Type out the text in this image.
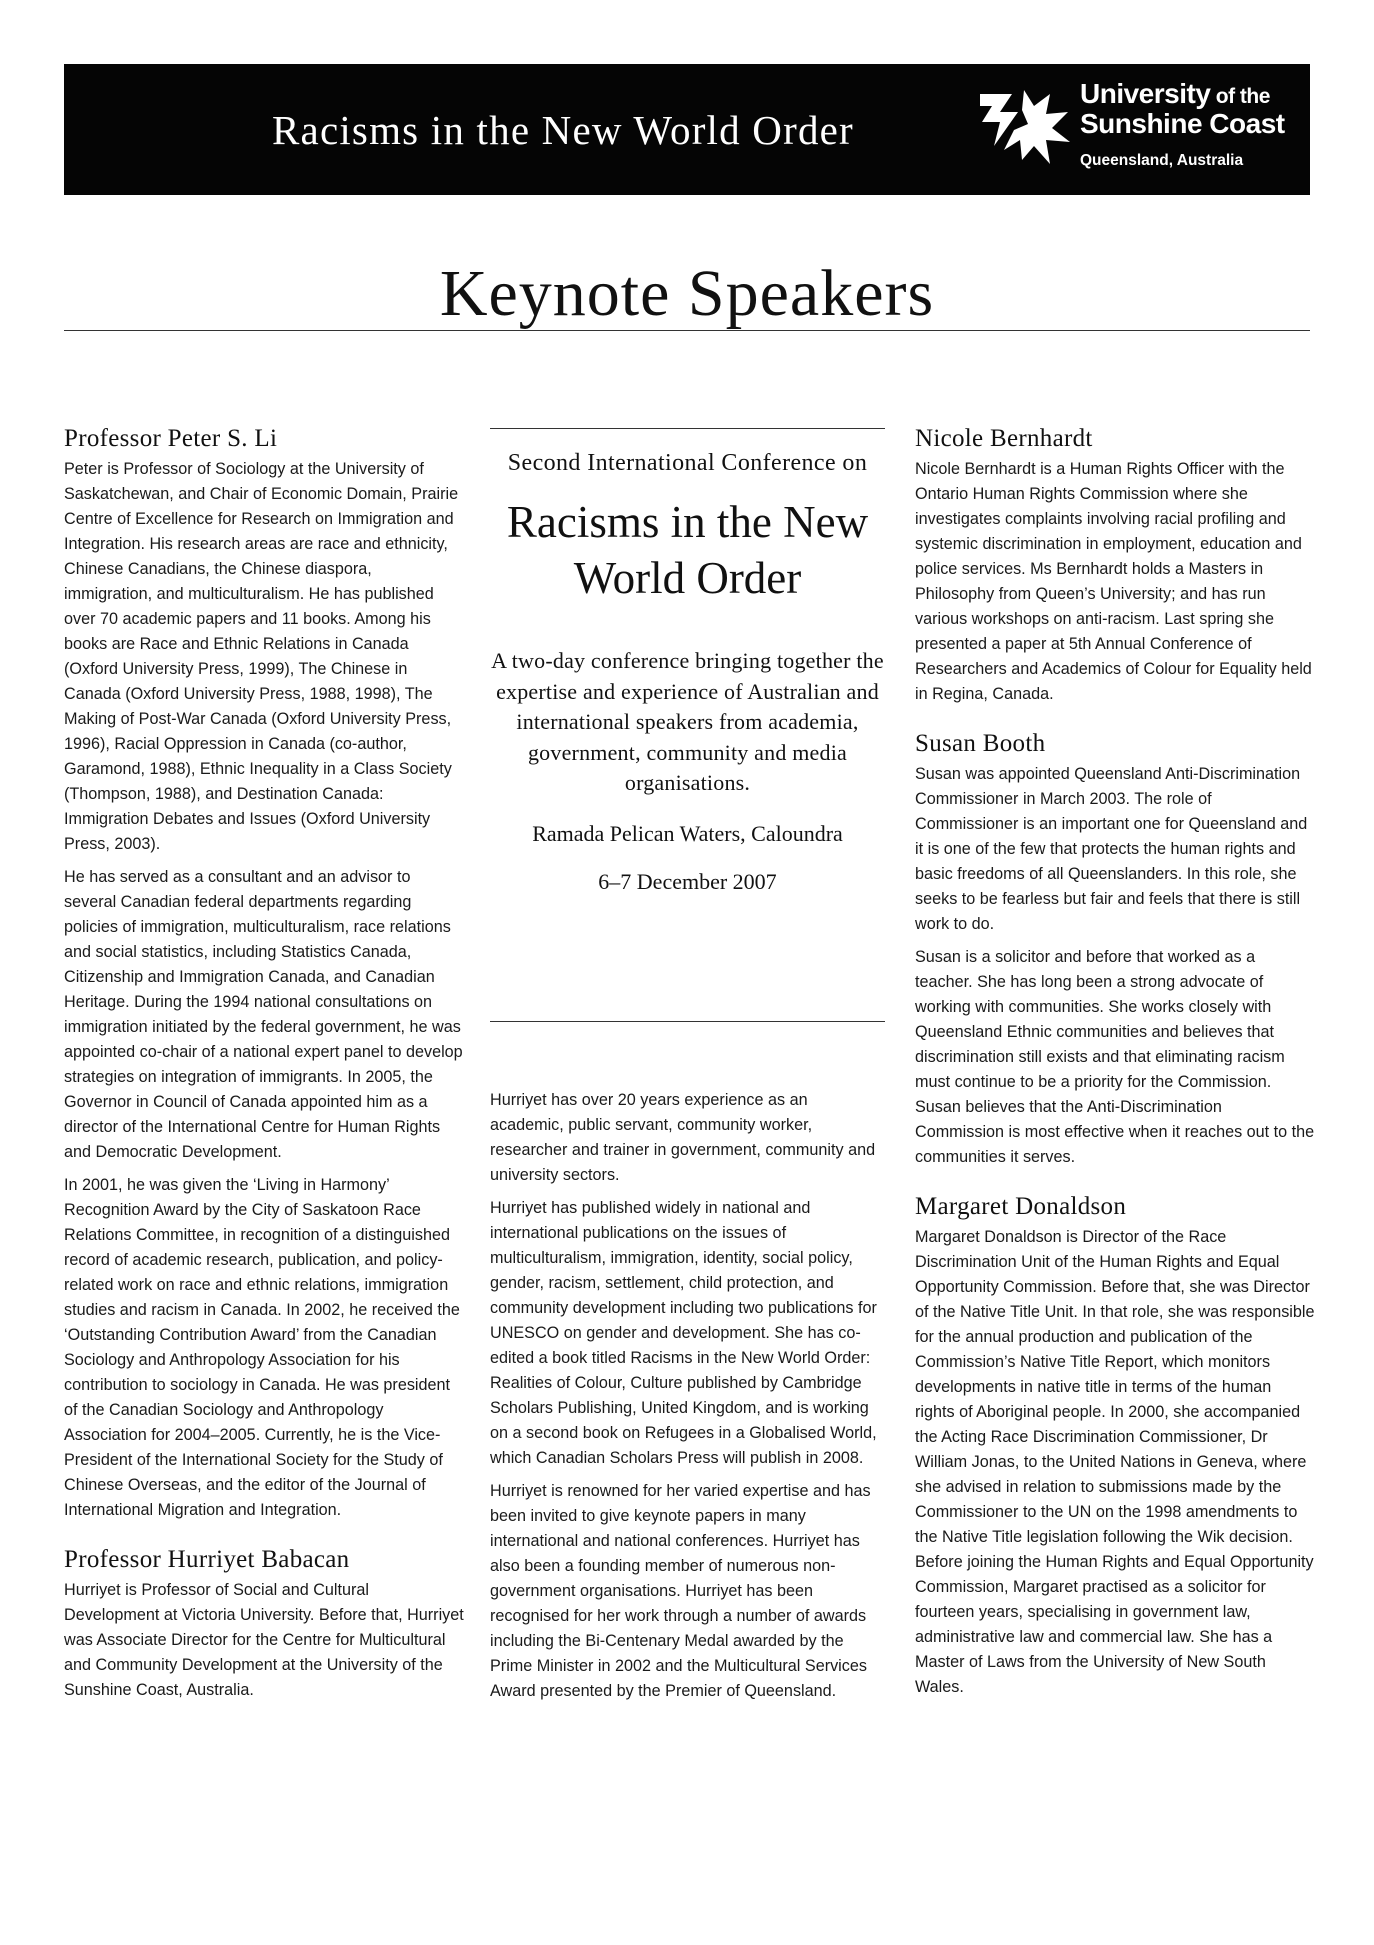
Racisms in the New World Order
University of the
Sunshine Coast
Queensland, Australia
Keynote Speakers
Professor Peter S. Li

Peter is Professor of Sociology at the University of Saskatchewan, and Chair of Economic Domain, Prairie Centre of Excellence for Research on Immigration and Integration. His research areas are race and ethnicity, Chinese Canadians, the Chinese diaspora, immigration, and multiculturalism. He has published over 70 academic papers and 11 books. Among his books are Race and Ethnic Relations in Canada (Oxford University Press, 1999), The Chinese in Canada (Oxford University Press, 1988, 1998), The Making of Post-War Canada (Oxford University Press, 1996), Racial Oppression in Canada (co-author, Garamond, 1988), Ethnic Inequality in a Class Society (Thompson, 1988), and Destination Canada: Immigration Debates and Issues (Oxford University Press, 2003).

He has served as a consultant and an advisor to several Canadian federal departments regarding policies of immigration, multiculturalism, race relations and social statistics, including Statistics Canada, Citizenship and Immigration Canada, and Canadian Heritage. During the 1994 national consultations on immigration initiated by the federal government, he was appointed co-chair of a national expert panel to develop strategies on integration of immigrants. In 2005, the Governor in Council of Canada appointed him as a director of the International Centre for Human Rights and Democratic Development.

In 2001, he was given the ‘Living in Harmony’ Recognition Award by the City of Saskatoon Race Relations Committee, in recognition of a distinguished record of academic research, publication, and policy-related work on race and ethnic relations, immigration studies and racism in Canada. In 2002, he received the ‘Outstanding Contribution Award’ from the Canadian Sociology and Anthropology Association for his contribution to sociology in Canada. He was president of the Canadian Sociology and Anthropology Association for 2004–2005. Currently, he is the Vice-President of the International Society for the Study of Chinese Overseas, and the editor of the Journal of International Migration and Integration.

Professor Hurriyet Babacan

Hurriyet is Professor of Social and Cultural Development at Victoria University. Before that, Hurriyet was Associate Director for the Centre for Multicultural and Community Development at the University of the Sunshine Coast, Australia.

Second International Conference on
Racisms in the New World Order
A two-day conference bringing together the expertise and experience of Australian and international speakers from academia, government, community and media organisations.
Ramada Pelican Waters, Caloundra
6–7 December 2007

Hurriyet has over 20 years experience as an academic, public servant, community worker, researcher and trainer in government, community and university sectors.

Hurriyet has published widely in national and international publications on the issues of multiculturalism, immigration, identity, social policy, gender, racism, settlement, child protection, and community development including two publications for UNESCO on gender and development. She has co-edited a book titled Racisms in the New World Order: Realities of Colour, Culture published by Cambridge Scholars Publishing, United Kingdom, and is working on a second book on Refugees in a Globalised World, which Canadian Scholars Press will publish in 2008.

Hurriyet is renowned for her varied expertise and has been invited to give keynote papers in many international and national conferences. Hurriyet has also been a founding member of numerous non-government organisations. Hurriyet has been recognised for her work through a number of awards including the Bi-Centenary Medal awarded by the Prime Minister in 2002 and the Multicultural Services Award presented by the Premier of Queensland.

Nicole Bernhardt

Nicole Bernhardt is a Human Rights Officer with the Ontario Human Rights Commission where she investigates complaints involving racial profiling and systemic discrimination in employment, education and police services. Ms Bernhardt holds a Masters in Philosophy from Queen’s University; and has run various workshops on anti-racism. Last spring she presented a paper at 5th Annual Conference of Researchers and Academics of Colour for Equality held in Regina, Canada.

Susan Booth

Susan was appointed Queensland Anti-Discrimination Commissioner in March 2003. The role of Commissioner is an important one for Queensland and it is one of the few that protects the human rights and basic freedoms of all Queenslanders. In this role, she seeks to be fearless but fair and feels that there is still work to do.

Susan is a solicitor and before that worked as a teacher. She has long been a strong advocate of working with communities. She works closely with Queensland Ethnic communities and believes that discrimination still exists and that eliminating racism must continue to be a priority for the Commission. Susan believes that the Anti-Discrimination Commission is most effective when it reaches out to the communities it serves.

Margaret Donaldson

Margaret Donaldson is Director of the Race Discrimination Unit of the Human Rights and Equal Opportunity Commission. Before that, she was Director of the Native Title Unit. In that role, she was responsible for the annual production and publication of the Commission’s Native Title Report, which monitors developments in native title in terms of the human rights of Aboriginal people. In 2000, she accompanied the Acting Race Discrimination Commissioner, Dr William Jonas, to the United Nations in Geneva, where she advised in relation to submissions made by the Commissioner to the UN on the 1998 amendments to the Native Title legislation following the Wik decision. Before joining the Human Rights and Equal Opportunity Commission, Margaret practised as a solicitor for fourteen years, specialising in government law, administrative law and commercial law. She has a Master of Laws from the University of New South Wales.
